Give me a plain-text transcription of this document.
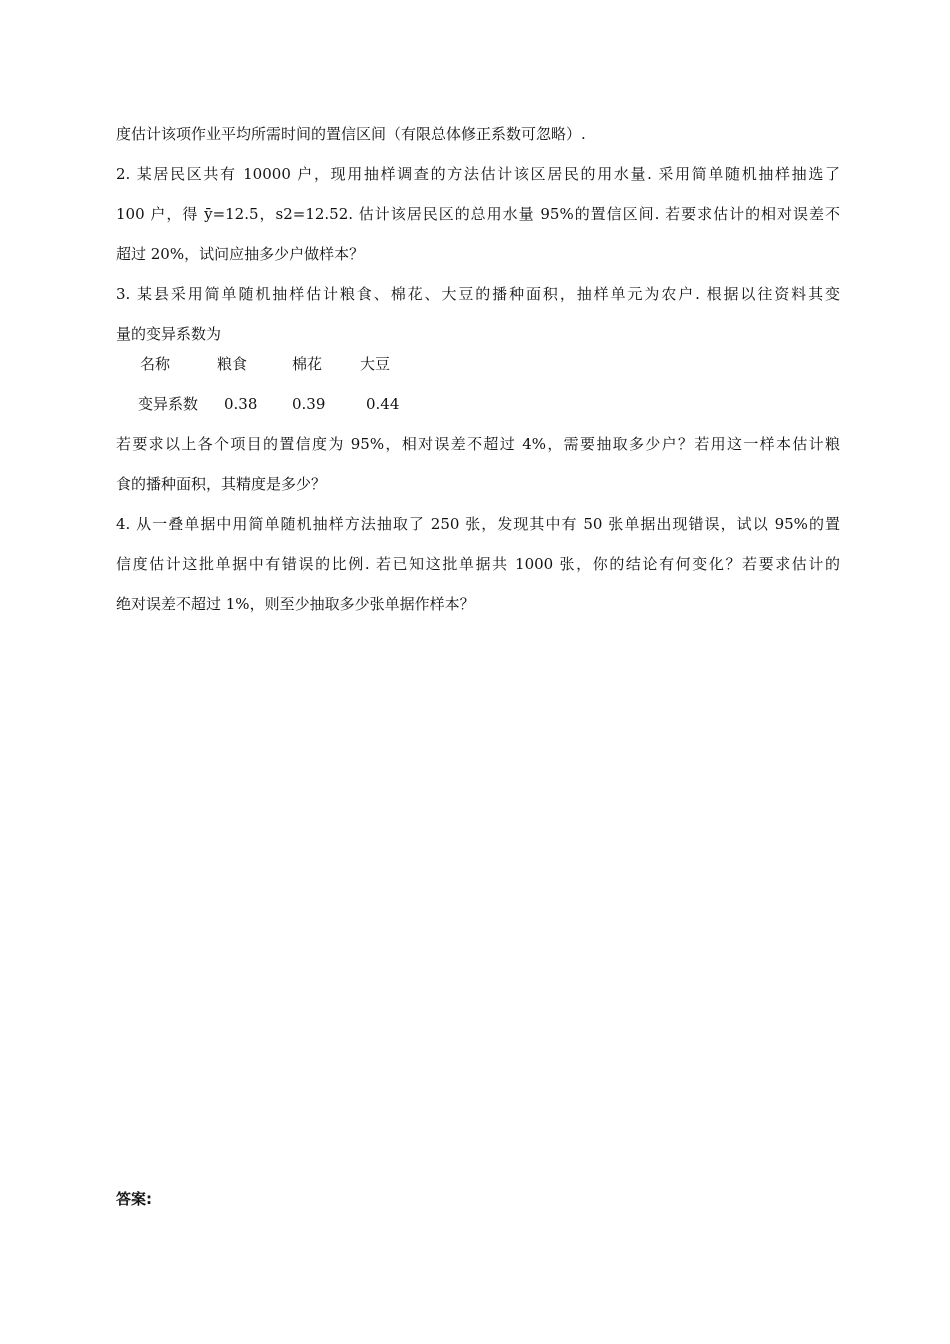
度估计该项作业平均所需时间的置信区间（有限总体修正系数可忽略）.
2. 某居民区共有 10000 户，现用抽样调查的方法估计该区居民的用水量. 采用简单随机抽样抽选了
100 户，得 ȳ=12.5，s2=12.52. 估计该居民区的总用水量 95%的置信区间. 若要求估计的相对误差不
超过 20%，试问应抽多少户做样本？
3. 某县采用简单随机抽样估计粮食、棉花、大豆的播种面积，抽样单元为农户. 根据以往资料其变
量的变异系数为
名称	粮食	棉花	大豆
变异系数 0.38 0.39	0.44
若要求以上各个项目的置信度为 95%，相对误差不超过 4%，需要抽取多少户？若用这一样本估计粮
食的播种面积，其精度是多少？
4. 从一叠单据中用简单随机抽样方法抽取了 250 张，发现其中有 50 张单据出现错误，试以 95%的置
信度估计这批单据中有错误的比例. 若已知这批单据共 1000 张，你的结论有何变化？若要求估计的
绝对误差不超过 1%，则至少抽取多少张单据作样本？
答案:
